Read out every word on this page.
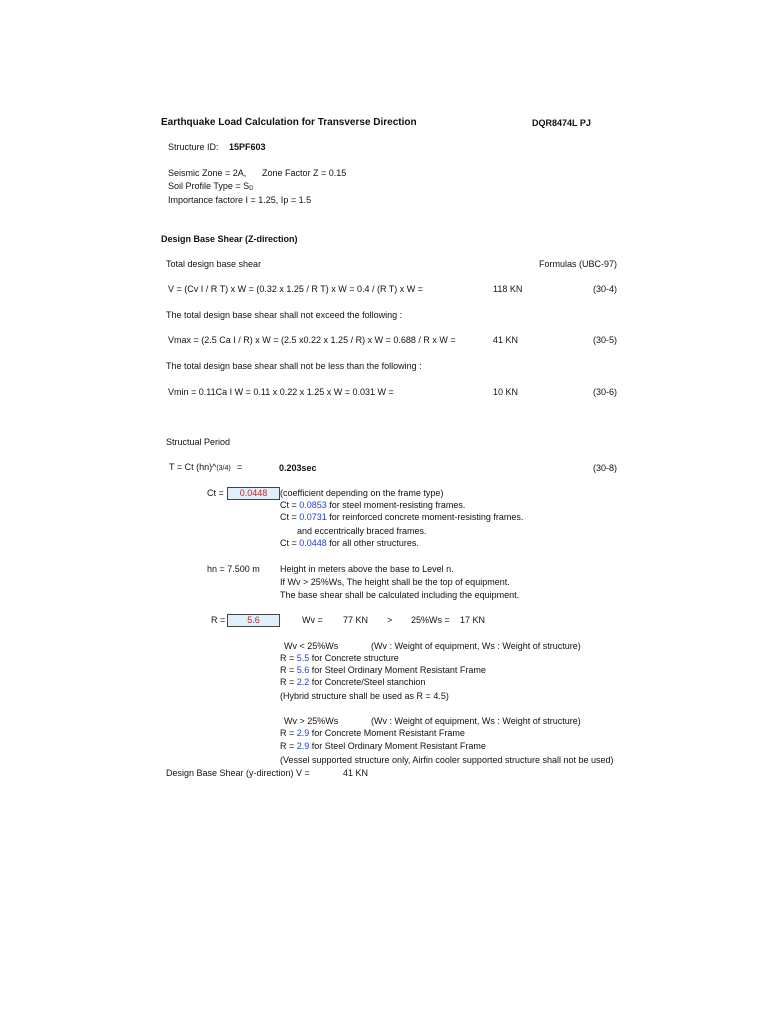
Earthquake Load Calculation for Transverse Direction	DQR8474L PJ
Structure ID: 15PF603
Seismic Zone = 2A, Zone Factor Z = 0.15
Soil Profile Type = $S_D$
Importance factore I = 1.25, Ip = 1.5
Design Base Shear (Z-direction)
Total design base shear	Formulas (UBC-97)
V = (Cv I / R T) x W = (0.32 x 1.25 / R T) x W = 0.4 / (R T) x W =	118 KN	(30-4)
The total design base shear shall not exceed the following :
Vmax = (2.5 Ca I / R) x W = (2.5 x0.22 x 1.25 / R) x W = 0.688 / R x W =	41 KN	(30-5)
The total design base shear shall not be less than the following :
Vmin = 0.11Ca I W = 0.11 x 0.22 x 1.25 x W = 0.031 W =	10 KN	(30-6)
Structual Period
T = Ct (hn)^(3/4) =	0.203sec	(30-8)
Ct =	0.0448	(coefficient depending on the frame type)
Ct = 0.0853 for steel moment-resisting frames.
Ct = 0.0731 for reinforced concrete moment-resisting frames.
and eccentrically braced frames.
Ct = 0.0448 for all other structures.
hn = 7.500 m Height in meters above the base to Level n.
If Wv > 25%Ws, The height shall be the top of equipment.
The base shear shall be calculated including the equipment.
R =	5.6	Wv = 77 KN > 25%Ws = 17 KN
Wv < 25%Ws	(Wv : Weight of equipment, Ws : Weight of structure)
R = 5.5 for Concrete structure
R = 5.6 for Steel Ordinary Moment Resistant Frame
R = 2.2 for Concrete/Steel stanchion
(Hybrid structure shall be used as R = 4.5)
Wv > 25%Ws	(Wv : Weight of equipment, Ws : Weight of structure)
R = 2.9 for Concrete Moment Resistant Frame
R = 2.9 for Steel Ordinary Moment Resistant Frame
(Vessel supported structure only, Airfin cooler supported structure shall not be used)
Design Base Shear (y-direction) V =	41 KN
